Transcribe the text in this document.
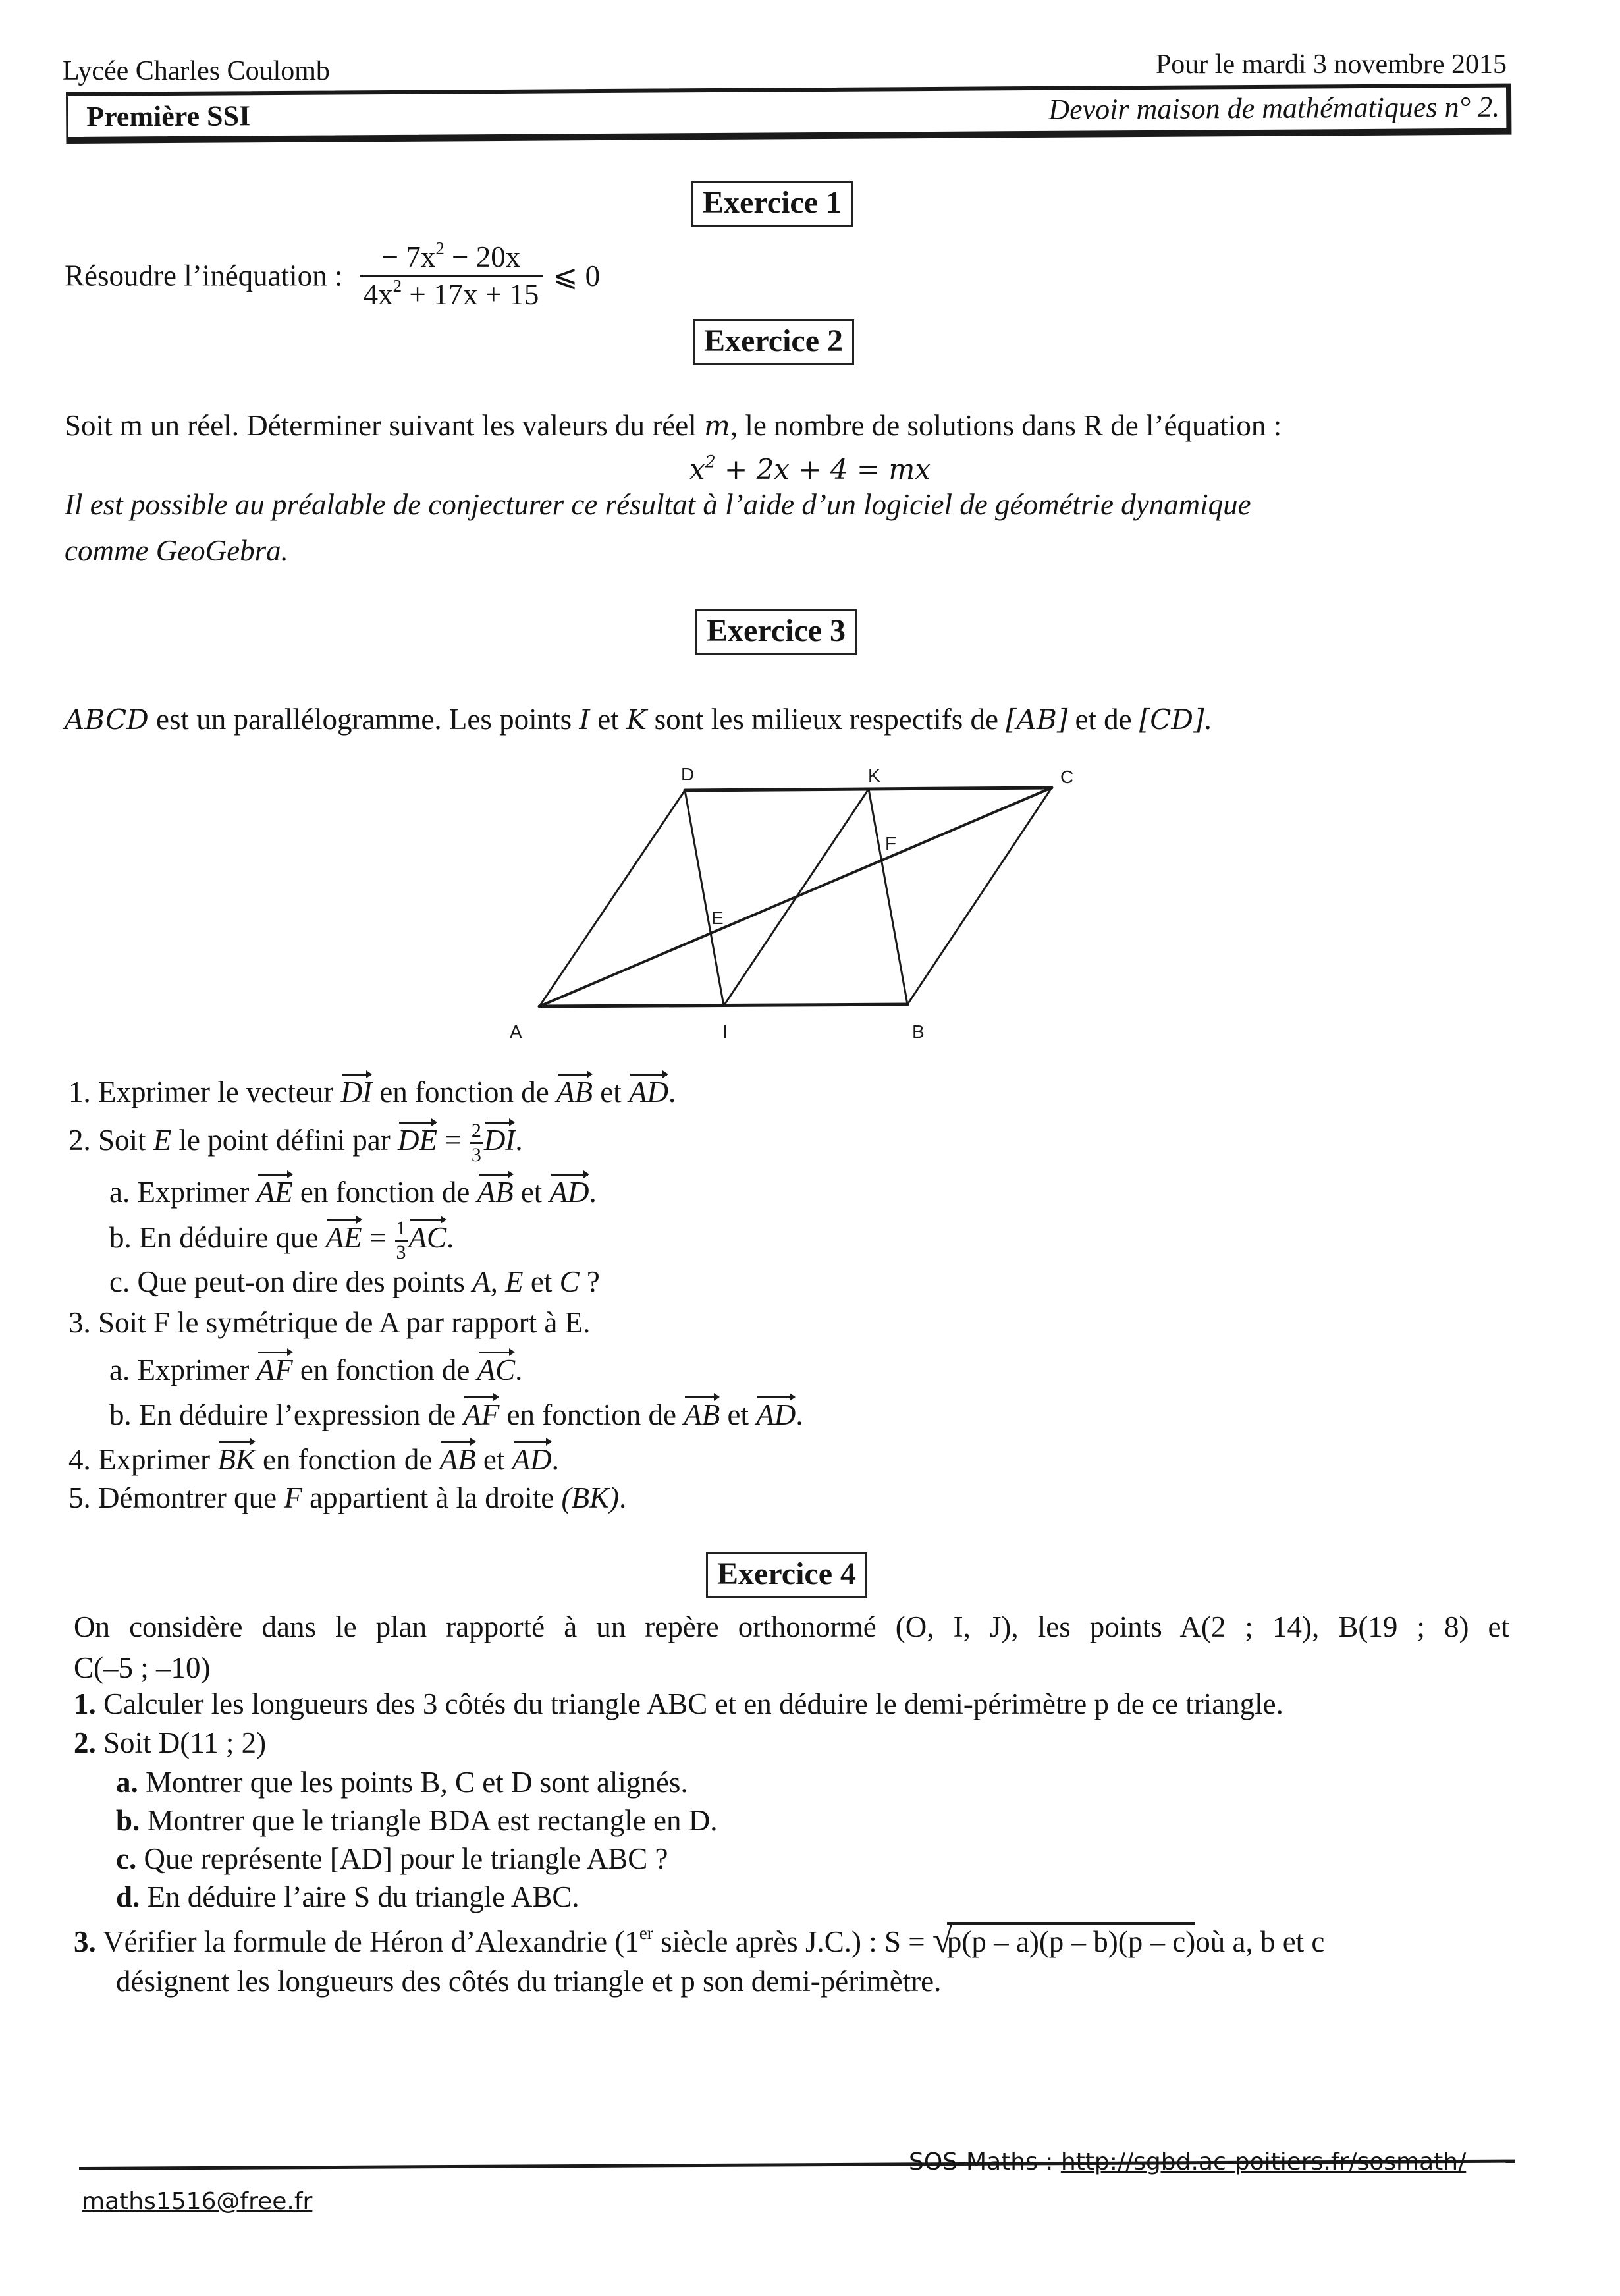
Lycée Charles Coulomb	Pour le mardi 3 novembre 2015
Première SSI	Devoir maison de mathématiques n° 2.
Exercice 1
Résoudre l’inéquation : $\frac{- 7x^2 - 20x}{4x^2 + 17x + 15}$ ⩽ 0
Exercice 2
Soit m un réel. Déterminer suivant les valeurs du réel m, le nombre de solutions dans R de l’équation :
$x^2 + 2x + 4$ = mx
Il est possible au préalable de conjecturer ce résultat à l’aide d’un logiciel de géométrie dynamique
comme GeoGebra.
Exercice 3
ABCD est un parallélogramme. Les points I et K sont les milieux respectifs de [AB] et de [CD].
D	K	C
F
E
A	I	B
1. Exprimer le vecteur DI en fonction de AB et AD.
2. Soit E le point défini par DE = $\frac{2}{3}$ DI.
a. Exprimer AE en fonction de AB et AD.
b. En déduire que AE = $\frac{1}{3}$ AC.
c. Que peut-on dire des points A, E et C ?
3. Soit F le symétrique de A par rapport à E.
a. Exprimer AF en fonction de AC.
b. En déduire l’expression de AF en fonction de AB et AD.
4. Exprimer BK en fonction de AB et AD.
5. Démontrer que F appartient à la droite (BK).
Exercice 4
On considère dans le plan rapporté à un repère orthonormé (O, I, J), les points A(2 ; 14), B(19 ; 8) et
C(–5 ; –10)
1. Calculer les longueurs des 3 côtés du triangle ABC et en déduire le demi-périmètre p de ce triangle.
2. Soit D(11 ; 2)
a. Montrer que les points B, C et D sont alignés.
b. Montrer que le triangle BDA est rectangle en D.
c. Que représente [AD] pour le triangle ABC ?
d. En déduire l’aire S du triangle ABC.
3. Vérifier la formule de Héron d’Alexandrie (1er siècle après J.C.) : S = √
p(p – a)(p – b)(p – c)où a, b et c
désignent les longueurs des côtés du triangle et p son demi-périmètre.
maths1516@free.fr
SOS-Maths : http://sgbd.ac-poitiers.fr/sosmath/
